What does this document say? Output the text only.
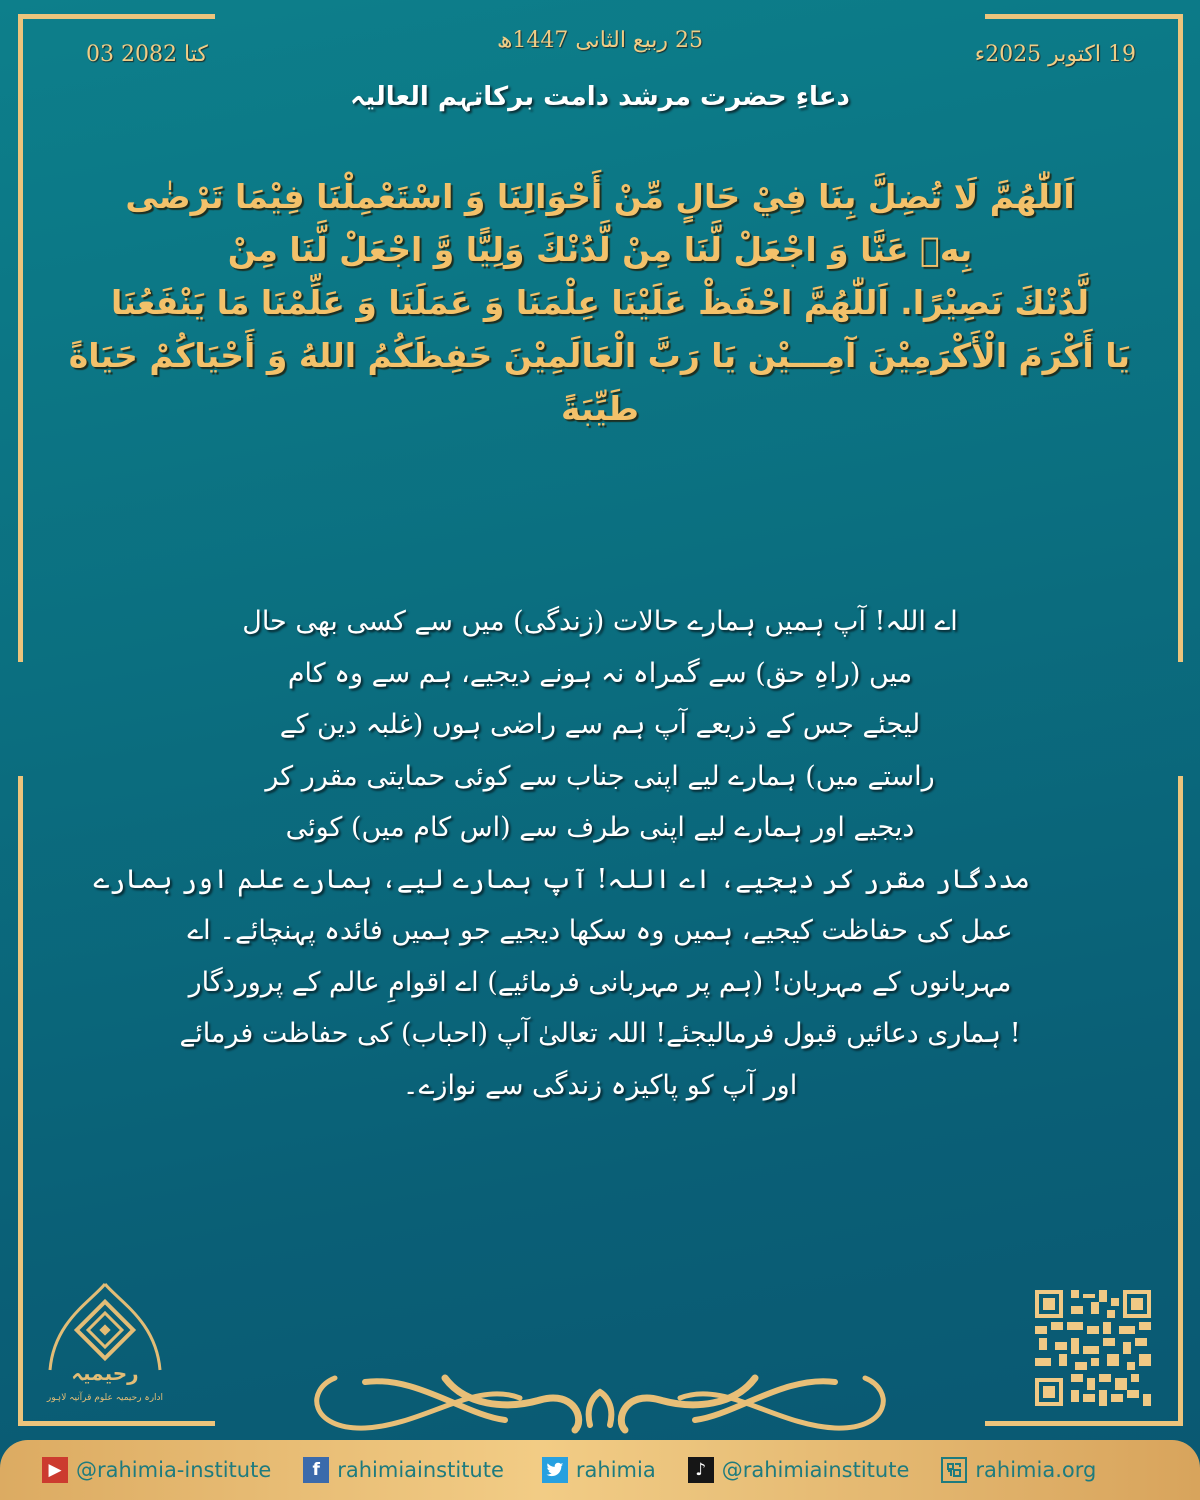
03 کتا 2082
25 ربیع الثانی 1447ھ
19 اکتوبر 2025ء
دعاءِ حضرت مرشد دامت برکاتہم العالیہ
اَللّٰهُمَّ لَا تُضِلَّ بِنَا فِيْ حَالٍ مِّنْ أَحْوَالِنَا وَ اسْتَعْمِلْنَا فِيْمَا تَرْضٰى
بِهٖ عَنَّا وَ اجْعَلْ لَّنَا مِنْ لَّدُنْكَ وَلِيًّا وَّ اجْعَلْ لَّنَا مِنْ
لَّدُنْكَ نَصِيْرًا. اَللّٰهُمَّ احْفَظْ عَلَيْنَا عِلْمَنَا وَ عَمَلَنَا وَ عَلِّمْنَا مَا يَنْفَعُنَا
يَا أَكْرَمَ الْأَكْرَمِيْنَ آمِـــيْن يَا رَبَّ الْعَالَمِيْنَ حَفِظَكُمُ اللهُ وَ أَحْيَاكُمْ حَيَاةً
طَيِّبَةً
اے اللہ! آپ ہمیں ہمارے حالات (زندگی) میں سے کسی بھی حال
میں (راہِ حق) سے گمراہ نہ ہونے دیجیے، ہم سے وہ کام
لیجئے جس کے ذریعے آپ ہم سے راضی ہوں (غلبہ دین کے
راستے میں) ہمارے لیے اپنی جناب سے کوئی حمایتی مقرر کر
دیجیے اور ہمارے لیے اپنی طرف سے (اس کام میں) کوئی
مددگار مقرر کر دیجیے، اے اللہ! آپ ہمارے لیے، ہمارے علم اور ہمارے
عمل کی حفاظت کیجیے، ہمیں وہ سکھا دیجیے جو ہمیں فائدہ پہنچائے۔ اے
مہربانوں کے مہربان! (ہم پر مہربانی فرمائیے) اے اقوامِ عالم کے پروردگار
! ہماری دعائیں قبول فرمالیجئے! اللہ تعالیٰ آپ (احباب) کی حفاظت فرمائے
اور آپ کو پاکیزہ زندگی سے نوازے۔
رحیمیہ
ادارہ رحیمیہ علوم قرآنیہ لاہور
▶ @rahimia-institute	f rahimiainstitute	rahimia	♪ @rahimiainstitute	rahimia.org
